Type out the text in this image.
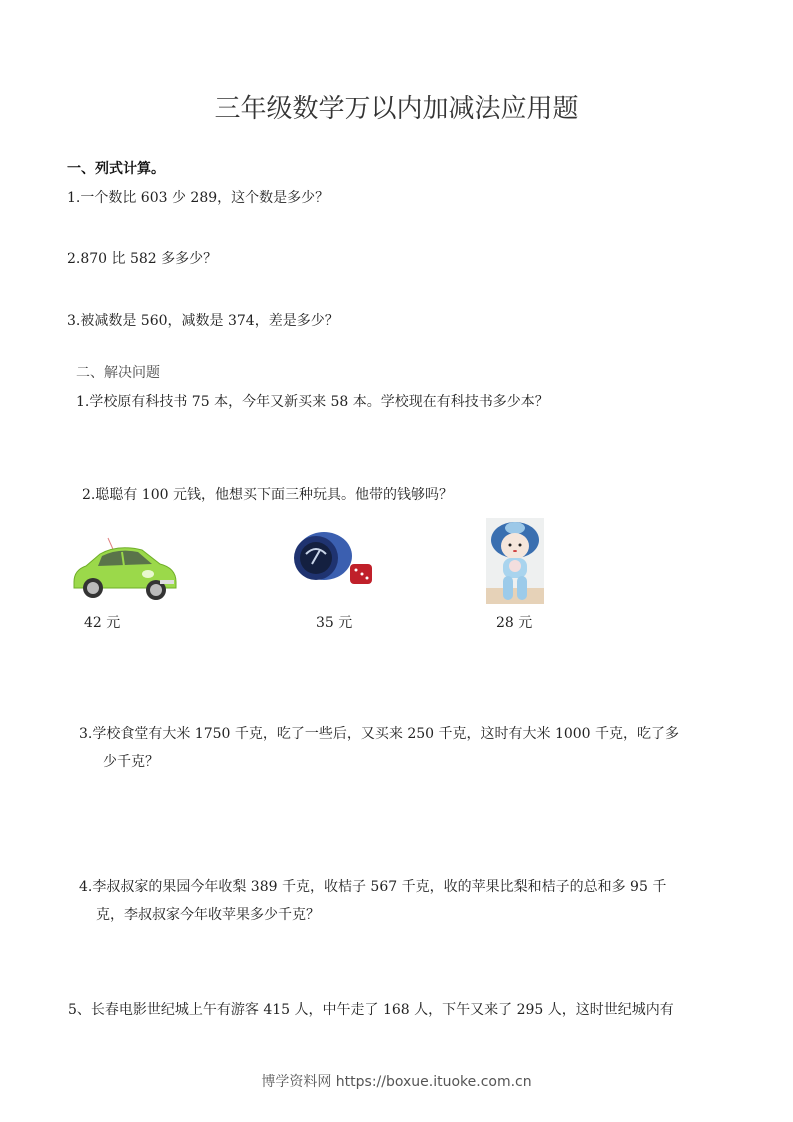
三年级数学万以内加减法应用题
一、列式计算。
1.一个数比 603 少 289，这个数是多少？
2.870 比 582 多多少？
3.被减数是 560，减数是 374，差是多少？
二、解决问题
1.学校原有科技书 75 本，今年又新买来 58 本。学校现在有科技书多少本？
2.聪聪有 100 元钱，他想买下面三种玩具。他带的钱够吗？
42 元	35 元	28 元
3.学校食堂有大米 1750 千克，吃了一些后，又买来 250 千克，这时有大米 1000 千克，吃了多
少千克？
4.李叔叔家的果园今年收梨 389 千克，收桔子 567 千克，收的苹果比梨和桔子的总和多 95 千
克，李叔叔家今年收苹果多少千克？
5、长春电影世纪城上午有游客 415 人，中午走了 168 人，下午又来了 295 人，这时世纪城内有
博学资料网 https://boxue.ituoke.com.cn
